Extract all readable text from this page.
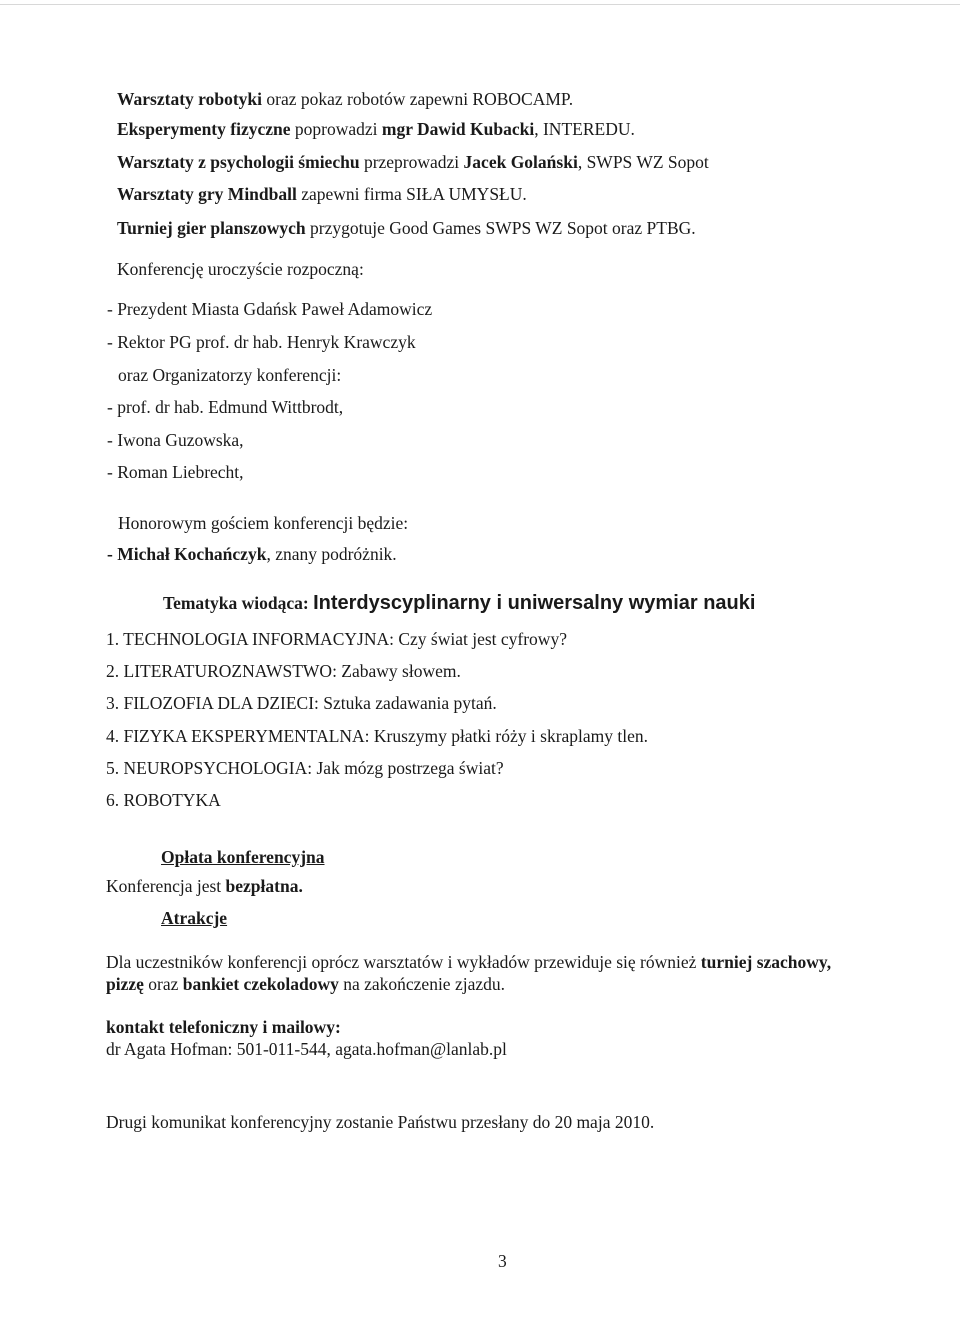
Warsztaty robotyki oraz pokaz robotów zapewni ROBOCAMP.
Eksperymenty fizyczne poprowadzi mgr Dawid Kubacki, INTEREDU.
Warsztaty z psychologii śmiechu przeprowadzi Jacek Golański, SWPS WZ Sopot
Warsztaty gry Mindball zapewni firma SIŁA UMYSŁU.
Turniej gier planszowych przygotuje Good Games SWPS WZ Sopot oraz PTBG.
Konferencję uroczyście rozpoczną:
- Prezydent Miasta Gdańsk Paweł Adamowicz
- Rektor PG prof. dr hab. Henryk Krawczyk
oraz Organizatorzy konferencji:
- prof. dr hab. Edmund Wittbrodt,
- Iwona Guzowska,
- Roman Liebrecht,
Honorowym gościem konferencji będzie:
- Michał Kochańczyk, znany podróżnik.
Tematyka wiodąca: Interdyscyplinarny i uniwersalny wymiar nauki
1. TECHNOLOGIA INFORMACYJNA: Czy świat jest cyfrowy?
2. LITERATUROZNAWSTWO: Zabawy słowem.
3. FILOZOFIA DLA DZIECI: Sztuka zadawania pytań.
4. FIZYKA EKSPERYMENTALNA: Kruszymy płatki róży i skraplamy tlen.
5. NEUROPSYCHOLOGIA: Jak mózg postrzega świat?
6. ROBOTYKA
Opłata konferencyjna
Konferencja jest bezpłatna.
Atrakcje
Dla uczestników konferencji oprócz warsztatów i wykładów przewiduje się również turniej szachowy,
pizzę oraz bankiet czekoladowy na zakończenie zjazdu.
kontakt telefoniczny i mailowy:
dr Agata Hofman: 501-011-544, agata.hofman@lanlab.pl
Drugi komunikat konferencyjny zostanie Państwu przesłany do 20 maja 2010.
3
